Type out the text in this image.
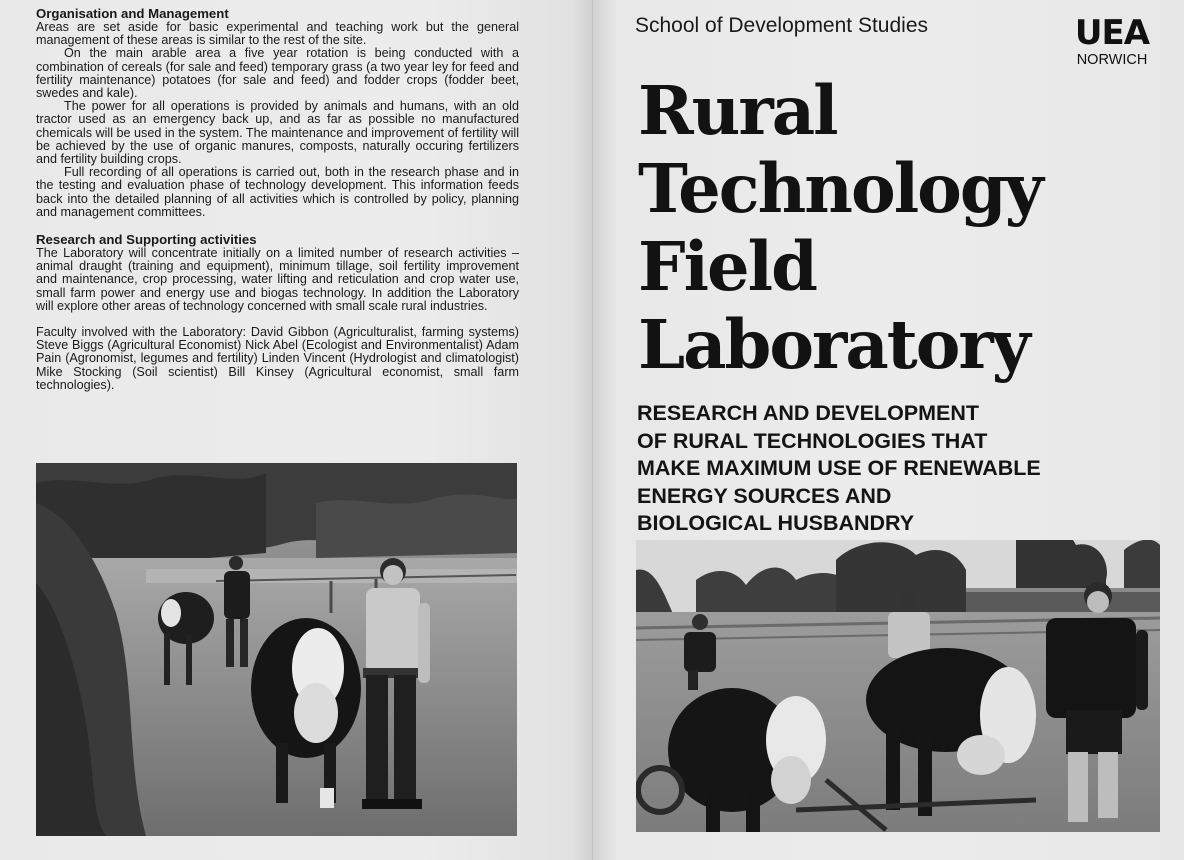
Organisation and Management

Areas are set aside for basic experimental and teaching work but the general management of these areas is similar to the rest of the site.

On the main arable area a five year rotation is being conducted with a combination of cereals (for sale and feed) temporary grass (a two year ley for feed and fertility maintenance) potatoes (for sale and feed) and fodder crops (fodder beet, swedes and kale).

The power for all operations is provided by animals and humans, with an old tractor used as an emergency back up, and as far as possible no manufactured chemicals will be used in the system. The maintenance and improvement of fertility will be achieved by the use of organic manures, composts, naturally occuring fertilizers and fertility building crops.

Full recording of all operations is carried out, both in the research phase and in the testing and evaluation phase of technology development. This information feeds back into the detailed planning of all activities which is controlled by policy, planning and management committees.

Research and Supporting activities

The Laboratory will concentrate initially on a limited number of research activities – animal draught (training and equipment), minimum tillage, soil fertility improvement and maintenance, crop processing, water lifting and reticulation and crop water use, small farm power and energy use and biogas technology. In addition the Laboratory will explore other areas of technology concerned with small scale rural industries.

Faculty involved with the Laboratory: David Gibbon (Agriculturalist, farming systems) Steve Biggs (Agricultural Economist) Nick Abel (Ecologist and Environmentalist) Adam Pain (Agronomist, legumes and fertility) Linden Vincent (Hydrologist and climatologist) Mike Stocking (Soil scientist) Bill Kinsey (Agricultural economist, small farm technologies).

School of Development Studies	UEA
NORWICH
Rural
Technology
Field
Laboratory
RESEARCH AND DEVELOPMENT
OF RURAL TECHNOLOGIES THAT
MAKE MAXIMUM USE OF RENEWABLE
ENERGY SOURCES AND
BIOLOGICAL HUSBANDRY
